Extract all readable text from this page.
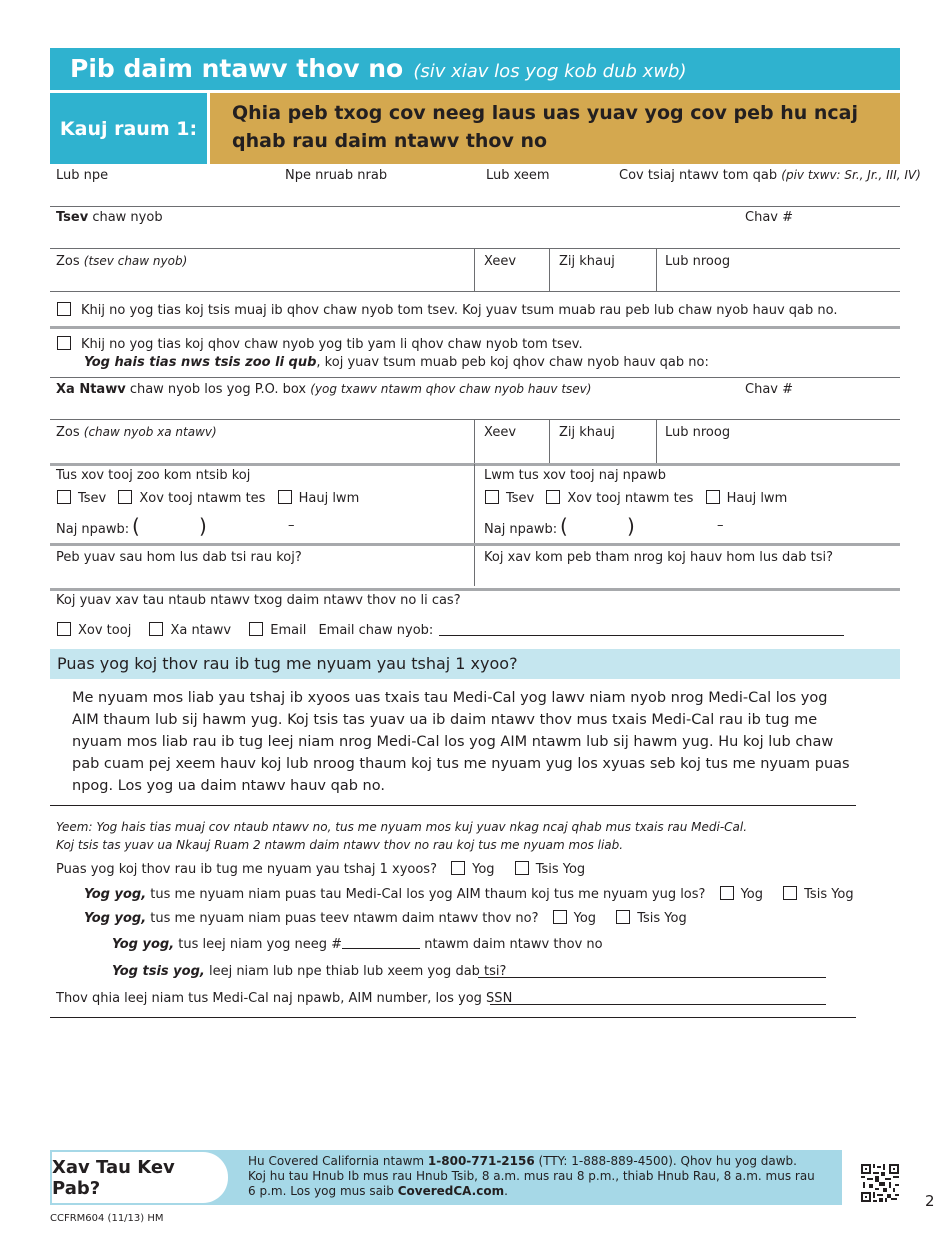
Pib daim ntawv thov no (siv xiav los yog kob dub xwb)
Kauj raum 1:
Qhia peb txog cov neeg laus uas yuav yog cov peb hu ncaj qhab rau daim ntawv thov no
Lub npe	Npe nruab nrab	Lub xeem	Cov tsiaj ntawv tom qab (piv txwv: Sr., Jr., III, IV)
Tsev chaw nyob	Chav #
Zos (tsev chaw nyob)	Xeev	Zij khauj	Lub nroog
Khij no yog tias koj tsis muaj ib qhov chaw nyob tom tsev. Koj yuav tsum muab rau peb lub chaw nyob hauv qab no.
Khij no yog tias koj qhov chaw nyob yog tib yam li qhov chaw nyob tom tsev.
Yog hais tias nws tsis zoo li qub, koj yuav tsum muab peb koj qhov chaw nyob hauv qab no:
Xa Ntawv chaw nyob los yog P.O. box (yog txawv ntawm qhov chaw nyob hauv tsev)	Chav #
Zos (chaw nyob xa ntawv)	Xeev	Zij khauj	Lub nroog
Tus xov tooj zoo kom ntsib koj
Tsev	Xov tooj ntawm tes	Hauj lwm
Naj npawb: (	)	–
Lwm tus xov tooj naj npawb
Tsev	Xov tooj ntawm tes	Hauj lwm
Naj npawb: (	)	–
Peb yuav sau hom lus dab tsi rau koj?	Koj xav kom peb tham nrog koj hauv hom lus dab tsi?
Koj yuav xav tau ntaub ntawv txog daim ntawv thov no li cas?
Xov tooj	Xa ntawv	Email Email chaw nyob:
Puas yog koj thov rau ib tug me nyuam yau tshaj 1 xyoo?
Me nyuam mos liab yau tshaj ib xyoos uas txais tau Medi-Cal yog lawv niam nyob nrog Medi-Cal los yog AIM thaum lub sij hawm yug. Koj tsis tas yuav ua ib daim ntawv thov mus txais Medi-Cal rau ib tug me nyuam mos liab rau ib tug leej niam nrog Medi-Cal los yog AIM ntawm lub sij hawm yug. Hu koj lub chaw pab cuam pej xeem hauv koj lub nroog thaum koj tus me nyuam yug los xyuas seb koj tus me nyuam puas npog. Los yog ua daim ntawv hauv qab no.
Yeem: Yog hais tias muaj cov ntaub ntawv no, tus me nyuam mos kuj yuav nkag ncaj qhab mus txais rau Medi-Cal.
Koj tsis tas yuav ua Nkauj Ruam 2 ntawm daim ntawv thov no rau koj tus me nyuam mos liab.
Puas yog koj thov rau ib tug me nyuam yau tshaj 1 xyoos?	Yog	Tsis Yog
Yog yog, tus me nyuam niam puas tau Medi-Cal los yog AIM thaum koj tus me nyuam yug los?	Yog	Tsis Yog
Yog yog, tus me nyuam niam puas teev ntawm daim ntawv thov no?	Yog	Tsis Yog
Yog yog, tus leej niam yog neeg #	ntawm daim ntawv thov no
Yog tsis yog, leej niam lub npe thiab lub xeem yog dab tsi?
Thov qhia leej niam tus Medi-Cal naj npawb, AIM number, los yog SSN
Xav Tau Kev Pab?
Hu Covered California ntawm 1-800-771-2156 (TTY: 1-888-889-4500). Qhov hu yog dawb. Koj hu tau Hnub Ib mus rau Hnub Tsib, 8 a.m. mus rau 8 p.m., thiab Hnub Rau, 8 a.m. mus rau 6 p.m. Los yog mus saib CoveredCA.com.
CCFRM604 (11/13) HM
2
